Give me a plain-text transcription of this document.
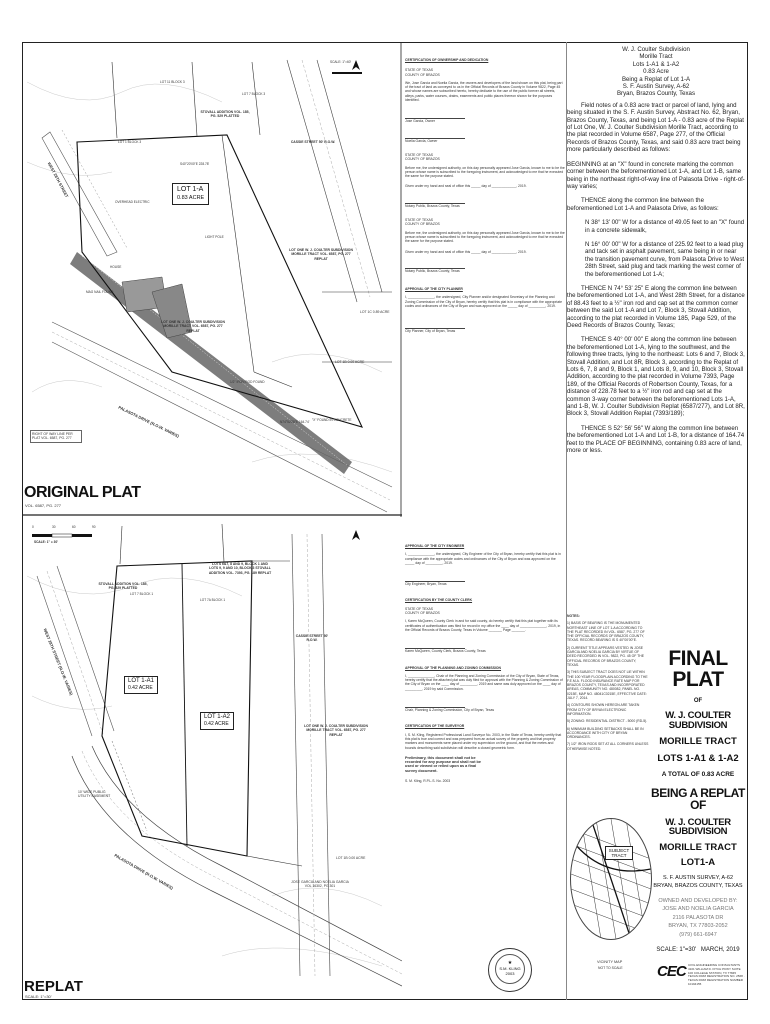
SCALE: 1"=60'
LOT 1-A
0.83 ACRE
STOVALL ADDITION VOL. 185, PG. 529 PLATTED
CASSIE STREET 50' R.O.W.
LOT ONE W. J. COULTER SUBDIVISION MORILLE TRACT VOL. 6587, PG. 277 REPLAT
LOT ONE W. J. COULTER SUBDIVISION MORILLE TRACT VOL. 6587, PG. 277 REPLAT
PALASOTA DRIVE (R.O.W. VARIES)
WEST 28TH STREET
RIGHT OF WAY LINE PER PLAT VOL. 6587, PG. 277
LOT 1C 0.89 ACRE
LOT 1B 0.00 ACRE
S40°20'00"E 228.78'
N74°52'28"E 164.74' "X" FOUND IN CONCRETE
1/2" IRON ROD FOUND
LIGHT POLE
HOUSE
OVERHEAD ELECTRIC
LOT 1 BLOCK 3
LOT 11 BLOCK 3
LOT 7 BLOCK 3
MAG NAIL FOUND
ORIGINAL PLAT
VOL. 6587, PG. 277
0	30	60	90
SCALE: 1" = 30'
LOT 1-A1
0.42 ACRE
LOT 1-A2
0.42 ACRE
LOTS 6&7, 8 AND 9, BLOCK 1 AND LOTS 9, 9 AND 10, BLOCK 3 STOVALL ADDITION VOL. 7393, PG. 189 REPLAT
STOVALL ADDITION VOL. 185, PG. 529 PLATTED
CASSIE STREET 50' R.O.W.
LOT ONE W. J. COULTER SUBDIVISION MORILLE TRACT VOL. 6587, PG. 277 REPLAT
PALASOTA DRIVE (R.O.W. VARIES)
WEST 28TH STREET (R.O.W. VARIES)
10' WIDE PUBLIC UTILITY EASEMENT
LOT 1B 0.00 ACRE
JOSE GARCIA AND NOELIA GARCIA VOL 16302, PG 301
LOT 7 BLOCK 1
LOT 7A BLOCK 1
REPLAT
SCALE: 1"=30'
CERTIFICATION OF OWNERSHIP AND DEDICATION
STATE OF TEXAS
COUNTY OF BRAZOS
We, Jose Garcia and Noelia Garcia, the owners and developers of the land shown on this plat, being part of the tract of land as conveyed to us in the Official Records of Brazos County in Volume 9822, Page 45 and whose names are subscribed hereto, hereby dedicate to the use of the public forever all streets, alleys, parks, water courses, drains, easements and public places thereon shown for the purposes identified.
Jose Garcia, Owner
Noelia Garcia, Owner
STATE OF TEXAS
COUNTY OF BRAZOS
Before me, the undersigned authority, on this day personally appeared Jose Garcia, known to me to be the person whose name is subscribed to the foregoing instrument, and acknowledged to me that he executed the same for the purpose stated.
Given under my hand and seal of office this _____ day of _____________, 2019.
Notary Public, Brazos County, Texas
STATE OF TEXAS
COUNTY OF BRAZOS
Before me, the undersigned authority, on this day personally appeared Jose Garcia, known to me to be the person whose name is subscribed to the foregoing instrument, and acknowledged to me that he executed the same for the purpose stated.
Given under my hand and seal of office this _____ day of _____________, 2019.
Notary Public, Brazos County, Texas
APPROVAL OF THE CITY PLANNER
I, ______________, the undersigned, City Planner and/or designated Secretary of the Planning and Zoning Commission of the City of Bryan, hereby certify that this plat is in compliance with the appropriate codes and ordinances of the City of Bryan and was approved on the _____ day of _________, 2019.
City Planner, City of Bryan, Texas
APPROVAL OF THE CITY ENGINEER
I, ______________, the undersigned, City Engineer of the City of Bryan, hereby certify that this plat is in compliance with the appropriate codes and ordinances of the City of Bryan and was approved on the _____ day of _________, 2019.
City Engineer, Bryan, Texas
CERTIFICATION BY THE COUNTY CLERK
STATE OF TEXAS
COUNTY OF BRAZOS
I, Karen McQueen, County Clerk in and for said county, do hereby certify that this plat together with its certificates of authentication was filed for record in my office the ____ day of ______________, 2019, in the Official Records of Brazos County, Texas in Volume _______ Page _______.
Karen McQueen, County Clerk, Brazos County, Texas
APPROVAL OF THE PLANNING AND ZONING COMMISSION
I, ______________, Chair of the Planning and Zoning Commission of the City of Bryan, State of Texas, hereby certify that the attached plat was duly filed for approval with the Planning & Zoning Commission of the City of Bryan on the ____ day of _________, 2019 and same was duly approved on the ____ day of _________, 2019 by said Commission.
Chair, Planning & Zoning Commission, City of Bryan, Texas
CERTIFICATION OF THE SURVEYOR
I, S. M. Kling, Registered Professional Land Surveyor No. 2003, in the State of Texas, hereby certify that this plat is true and correct and was prepared from an actual survey of the property and that property markers and monuments were placed under my supervision on the ground, and that the metes and bounds describing said subdivision will describe a closed geometric form.
Preliminary, this document shall not be recorded for any purpose and shall not be used or viewed or relied upon as a final survey document.
S. M. Kling, R.P.L.S. No. 2003
★
S.M. KLING
2003
W. J. Coulter Subdivision
Morille Tract
Lots 1-A1 & 1-A2
0.83 Acre
Being a Replat of Lot 1-A
S. F. Austin Survey, A-62
Bryan, Brazos County, Texas

Field notes of a 0.83 acre tract or parcel of land, lying and being situated in the S. F. Austin Survey, Abstract No. 62, Bryan, Brazos County, Texas, and being Lot 1-A - 0.83 acre of the Replat of Lot One, W. J. Coulter Subdivision Morille Tract, according to the plat recorded in Volume 6587, Page 277, of the Official Records of Brazos County, Texas, and said 0.83 acre tract being more particularly described as follows:

BEGINNING at an "X" found in concrete marking the common corner between the beforementioned Lot 1-A, and Lot 1-B, same being in the northeast right-of-way line of Palasota Drive - right-of-way varies;

THENCE along the common line between the beforementioned Lot 1-A and Palasota Drive, as follows:

N 38° 13' 00" W for a distance of 49.05 feet to an "X" found in a concrete sidewalk,

N 16° 00' 00" W for a distance of 225.92 feet to a lead plug and tack set in asphalt pavement, same being in or near the transition pavement curve, from Palasota Drive to West 28th Street, said plug and tack marking the west corner of the beforementioned Lot 1-A;

THENCE N 74° 53' 25" E along the common line between the beforementioned Lot 1-A, and West 28th Street, for a distance of 88.43 feet to a ½" iron rod and cap set at the common corner between the said Lot 1-A and Lot 7, Block 3, Stovall Addition, according to the plat recorded in Volume 185, Page 529, of the Deed Records of Brazos County, Texas;

THENCE S 40° 00' 00" E along the common line between the beforementioned Lot 1-A, lying to the southwest, and the following three tracts, lying to the northeast: Lots 6 and 7, Block 3, Stovall Addition, and Lot 8R, Block 3, according to the Replat of Lots 6, 7, 8 and 9, Block 1, and Lots 8, 9, and 10, Block 3, Stovall Addition, according to the plat recorded in Volume 7393, Page 189, of the Official Records of Robertson County, Texas, for a distance of 228.78 feet to a ½" iron rod and cap set at the common 3-way corner between the beforementioned Lots 1-A, and 1-B, W. J. Coulter Subdivision Replat (6587/277), and Lot 8R, Block 3, Stovall Addition Replat (7393/189);

THENCE S 52° 56' 56" W along the common line between the beforementioned Lot 1-A and Lot 1-B, for a distance of 164.74 feet to the PLACE OF BEGINNING, containing 0.83 acre of land, more or less.

NOTES:
1) BASIS OF BEARING IS THE MONUMENTED NORTHEAST LINE OF LOT 1-A ACCORDING TO THE PLAT RECORDED IN VOL. 6587, PG. 277 OF THE OFFICIAL RECORDS OF BRAZOS COUNTY, TEXAS. RECORD BEARING IS S 40°00'00"E.
2) CURRENT TITLE APPEARS VESTED IN JOSE GARCIA AND NOELIA GARCIA BY VIRTUE OF DEED RECORDED IN VOL. 9822, PG. 45 OF THE OFFICIAL RECORDS OF BRAZOS COUNTY, TEXAS.
3) THIS SUBJECT TRACT DOES NOT LIE WITHIN THE 100 YEAR FLOODPLAIN ACCORDING TO THE F.E.M.A. FLOOD INSURANCE RATE MAP FOR BRAZOS COUNTY, TEXAS AND INCORPORATED AREAS, COMMUNITY NO. 480082, PANEL NO. 0215E, MAP NO. 48041C0215E, EFFECTIVE DATE: JULY 7, 2014.
4) CONTOURS SHOWN HEREON ARE TAKEN FROM CITY OF BRYAN ELECTRONIC INFORMATION.
5) ZONING: RESIDENTIAL DISTRICT - 5000 (RD-5).
6) MINIMUM BUILDING SETBACKS SHALL BE IN ACCORDANCE WITH CITY OF BRYAN ORDINANCES.
7) 1/2" IRON RODS SET AT ALL CORNERS UNLESS OTHERWISE NOTED.
FINAL PLAT
OF
W. J. COULTER SUBDIVISION
MORILLE TRACT
LOTS 1-A1 & 1-A2
A TOTAL OF 0.83 ACRE
BEING A REPLAT OF
W. J. COULTER SUBDIVISION
MORILLE TRACT
LOT1-A
S. F. AUSTIN SURVEY, A-62
BRYAN, BRAZOS COUNTY, TEXAS
OWNED AND DEVELOPED BY:
JOSE AND NOELIA GARCIA
2116 PALASOTA DR
BRYAN, TX 77803-2052
(979) 661-6947
SCALE: 1"=30' MARCH, 2019
SUBJECT TRACT
VICINITY MAP
NOT TO SCALE CEC CIVIL ENGINEERING CONSULTANTS 4101 WILLIAM D. FITCH PKWY SUITE 100 COLLEGE STATION, TX 77845 TEXAS FIRM REGISTRATION NO. 2568 · TEXAS FIRM REGISTRATION NUMBER 10194155
